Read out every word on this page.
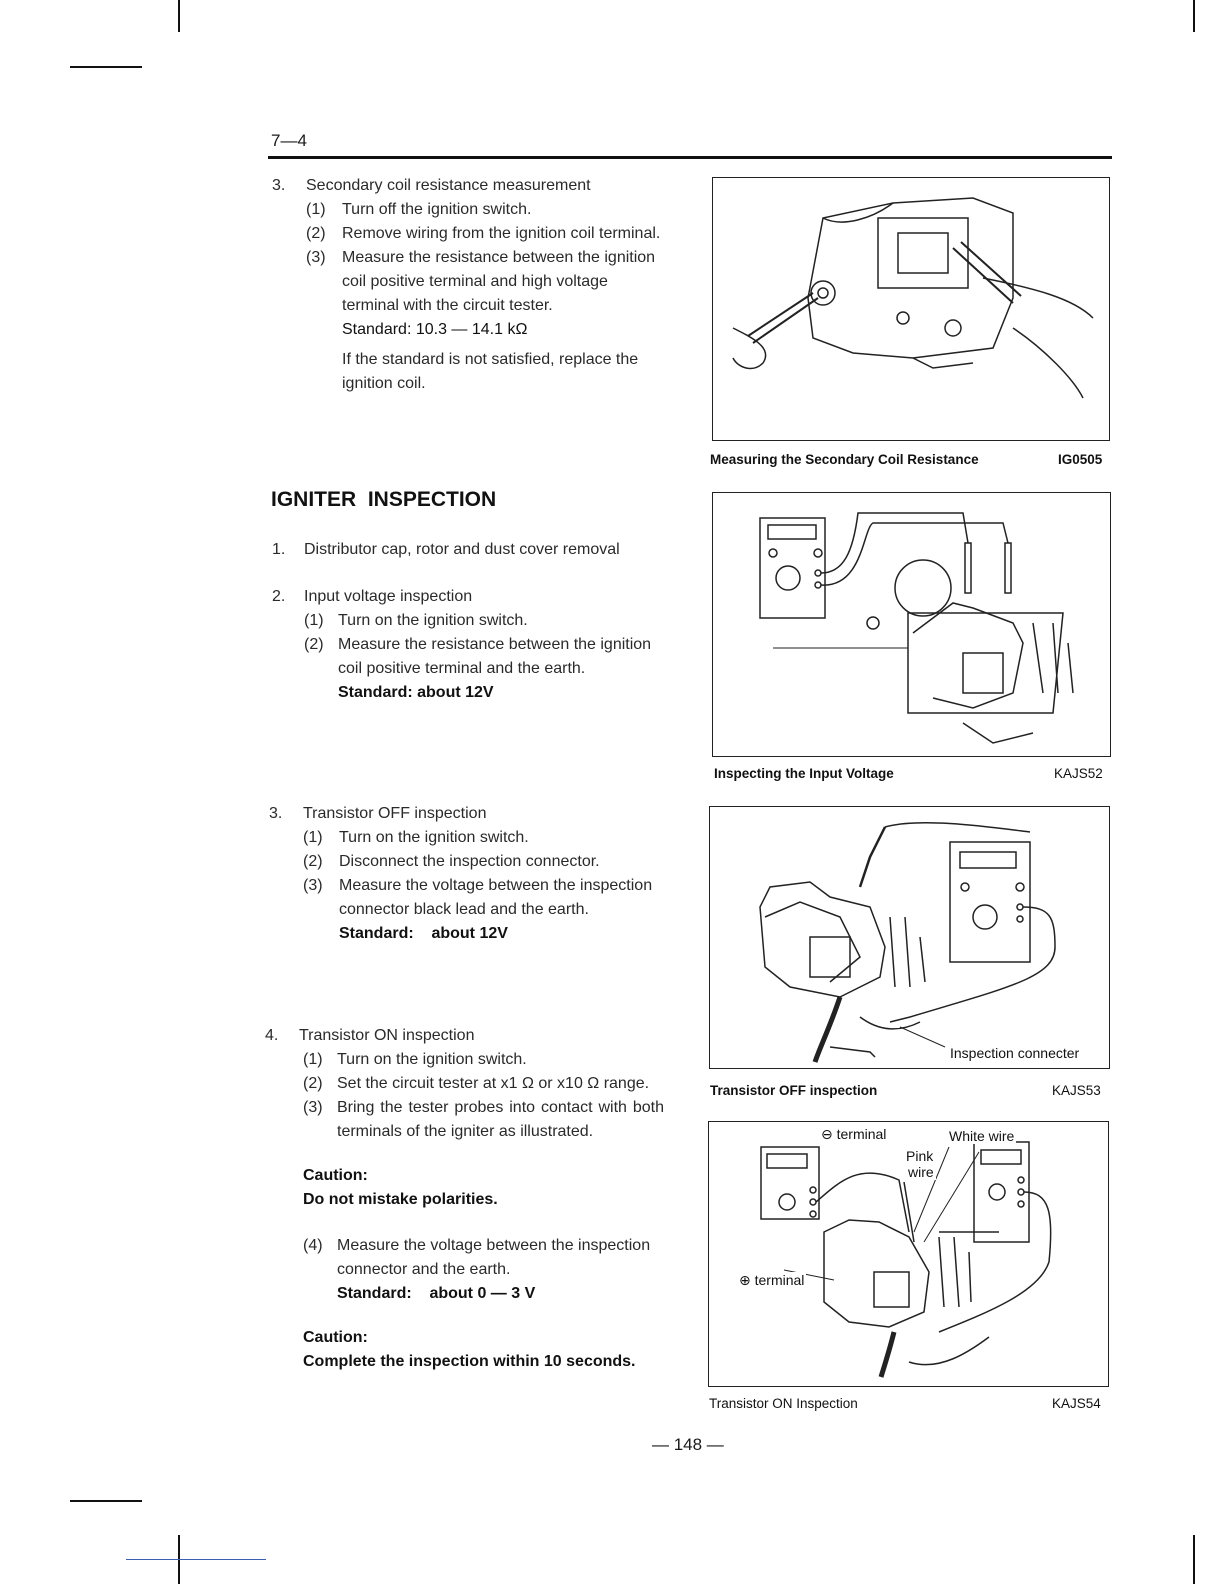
7—4
3. Secondary coil resistance measurement
(1) Turn off the ignition switch.
(2) Remove wiring from the ignition coil terminal.
(3) Measure the resistance between the ignition coil positive terminal and high voltage terminal with the circuit tester.
Standard: 10.3 — 14.1 kΩ
If the standard is not satisfied, replace the ignition coil.
IGNITER  INSPECTION
1. Distributor cap, rotor and dust cover removal
2. Input voltage inspection
(1) Turn on the ignition switch.
(2) Measure the resistance between the ignition coil positive terminal and the earth.
Standard: about 12V
3. Transistor OFF inspection
(1) Turn on the ignition switch.
(2) Disconnect the inspection connector.
(3) Measure the voltage between the inspection connector black lead and the earth.
Standard:    about 12V
4. Transistor ON inspection
(1) Turn on the ignition switch.
(2) Set the circuit tester at x1 Ω or x10 Ω range.
(3) Bring the tester probes into contact with both terminals of the igniter as illustrated.
Caution:
Do not mistake polarities.
(4) Measure the voltage between the inspection connector and the earth.
Standard:    about 0 — 3 V
Caution:
Complete the inspection within 10 seconds.
Measuring the Secondary Coil Resistance	IG0505
Inspecting the Input Voltage	KAJS52
Inspection connecter
Transistor OFF inspection	KAJS53
⊖ terminal	White wire
Pink
wire
⊕ terminal
Transistor ON Inspection	KAJS54
— 148 —
